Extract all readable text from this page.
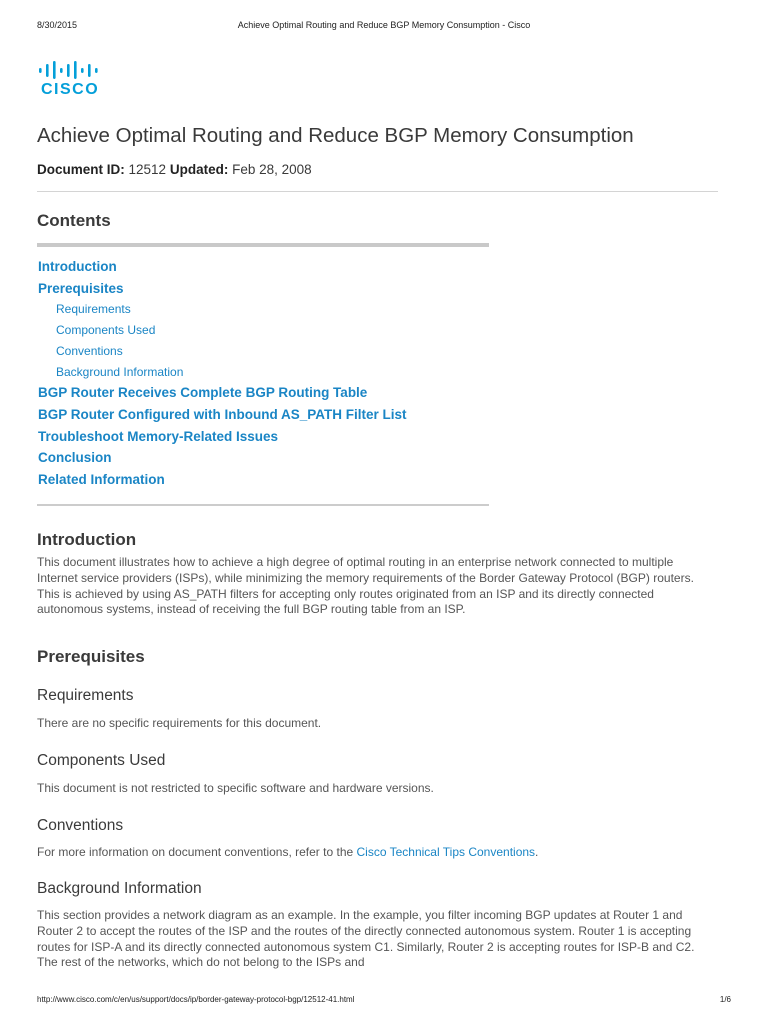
8/30/2015	Achieve Optimal Routing and Reduce BGP Memory Consumption - Cisco
CISCO
Achieve Optimal Routing and Reduce BGP Memory Consumption
Document ID: 12512 Updated: Feb 28, 2008
Contents
Introduction
Prerequisites
Requirements
Components Used
Conventions
Background Information
BGP Router Receives Complete BGP Routing Table
BGP Router Configured with Inbound AS_PATH Filter List
Troubleshoot Memory-Related Issues
Conclusion
Related Information
Introduction

This document illustrates how to achieve a high degree of optimal routing in an enterprise network connected to multiple Internet service providers (ISPs), while minimizing the memory requirements of the Border Gateway Protocol (BGP) routers. This is achieved by using AS_PATH filters for accepting only routes originated from an ISP and its directly connected autonomous systems, instead of receiving the full BGP routing table from an ISP.

Prerequisites
Requirements

There are no specific requirements for this document.

Components Used

This document is not restricted to specific software and hardware versions.

Conventions

For more information on document conventions, refer to the Cisco Technical Tips Conventions.

Background Information

This section provides a network diagram as an example. In the example, you filter incoming BGP updates at Router 1 and Router 2 to accept the routes of the ISP and the routes of the directly connected autonomous system. Router 1 is accepting routes for ISP-A and its directly connected autonomous system C1. Similarly, Router 2 is accepting routes for ISP-B and C2. The rest of the networks, which do not belong to the ISPs and

http://www.cisco.com/c/en/us/support/docs/ip/border-gateway-protocol-bgp/12512-41.html	1/6
